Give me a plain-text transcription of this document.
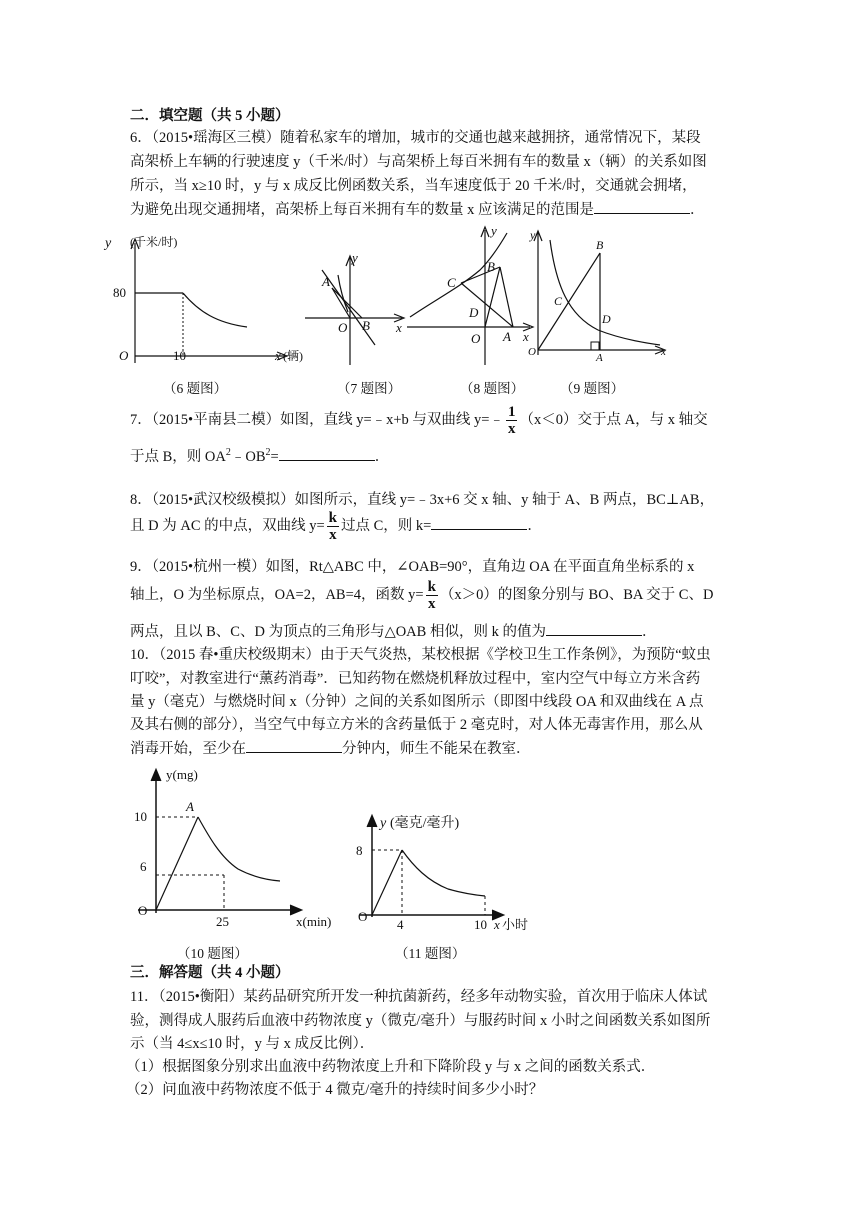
二．填空题（共 5 小题）
6．（2015•瑶海区三模）随着私家车的增加，城市的交通也越来越拥挤，通常情况下，某段
高架桥上车辆的行驶速度 y（千米/时）与高架桥上每百米拥有车的数量 x（辆）的关系如图
所示，当 x≥10 时，y 与 x 成反比例函数关系，当车速度低于 20 千米/时，交通就会拥堵，
为避免出现交通拥堵，高架桥上每百米拥有车的数量 x 应该满足的范围是	．
y (千米/时)
80
O	10	x (辆)
（6 题图）
y
A
O B x
（7 题图）
y
C
B
D
O A x
（8 题图）
y
B
C
D
O	A	x
（9 题图）
7．（2015•平南县二模）如图，直线 y=﹣x+b 与双曲线 y=﹣ $\frac{1}{x} (x<0)$交于点 A，与 x 轴交
于点 B，则 $OA^2﹣OB^2=$	．
8．（2015•武汉校级模拟）如图所示，直线 y=﹣3x+6 交 x 轴、y 轴于 A、B 两点，BC⊥AB，
且 D 为 AC 的中点，双曲线 $y= \frac{k}{x}$ 过点 C，则 k=	．
9．（2015•杭州一模）如图，Rt△ABC 中，∠OAB=90°，直角边 OA 在平面直角坐标系的 x
轴上，O 为坐标原点，OA=2，AB=4，函数 $y= \frac{k}{x} (x>0)$的图象分别与 BO、BA 交于 C、D
两点，且以 B、C、D 为顶点的三角形与△OAB 相似，则 k 的值为	．
10．（2015 春•重庆校级期末）由于天气炎热，某校根据《学校卫生工作条例》，为预防“蚊虫
叮咬”，对教室进行“薰药消毒”．已知药物在燃烧机释放过程中，室内空气中每立方米含药
量 y（毫克）与燃烧时间 x（分钟）之间的关系如图所示（即图中线段 OA 和双曲线在 A 点
及其右侧的部分），当空气中每立方米的含药量低于 2 毫克时，对人体无毒害作用，那么从
消毒开始，至少在	分钟内，师生不能呆在教室．
y(mg)
A
10
6
O
25	x(min)
（10 题图）
y (毫克/毫升)
8
O
4	10 x 小时
（11 题图）
三．解答题（共 4 小题）
11．（2015•衡阳）某药品研究所开发一种抗菌新药，经多年动物实验，首次用于临床人体试
验，测得成人服药后血液中药物浓度 y（微克/毫升）与服药时间 x 小时之间函数关系如图所
示（当 4≤x≤10 时，y 与 x 成反比例）．
（1）根据图象分别求出血液中药物浓度上升和下降阶段 y 与 x 之间的函数关系式．
（2）问血液中药物浓度不低于 4 微克/毫升的持续时间多少小时？
